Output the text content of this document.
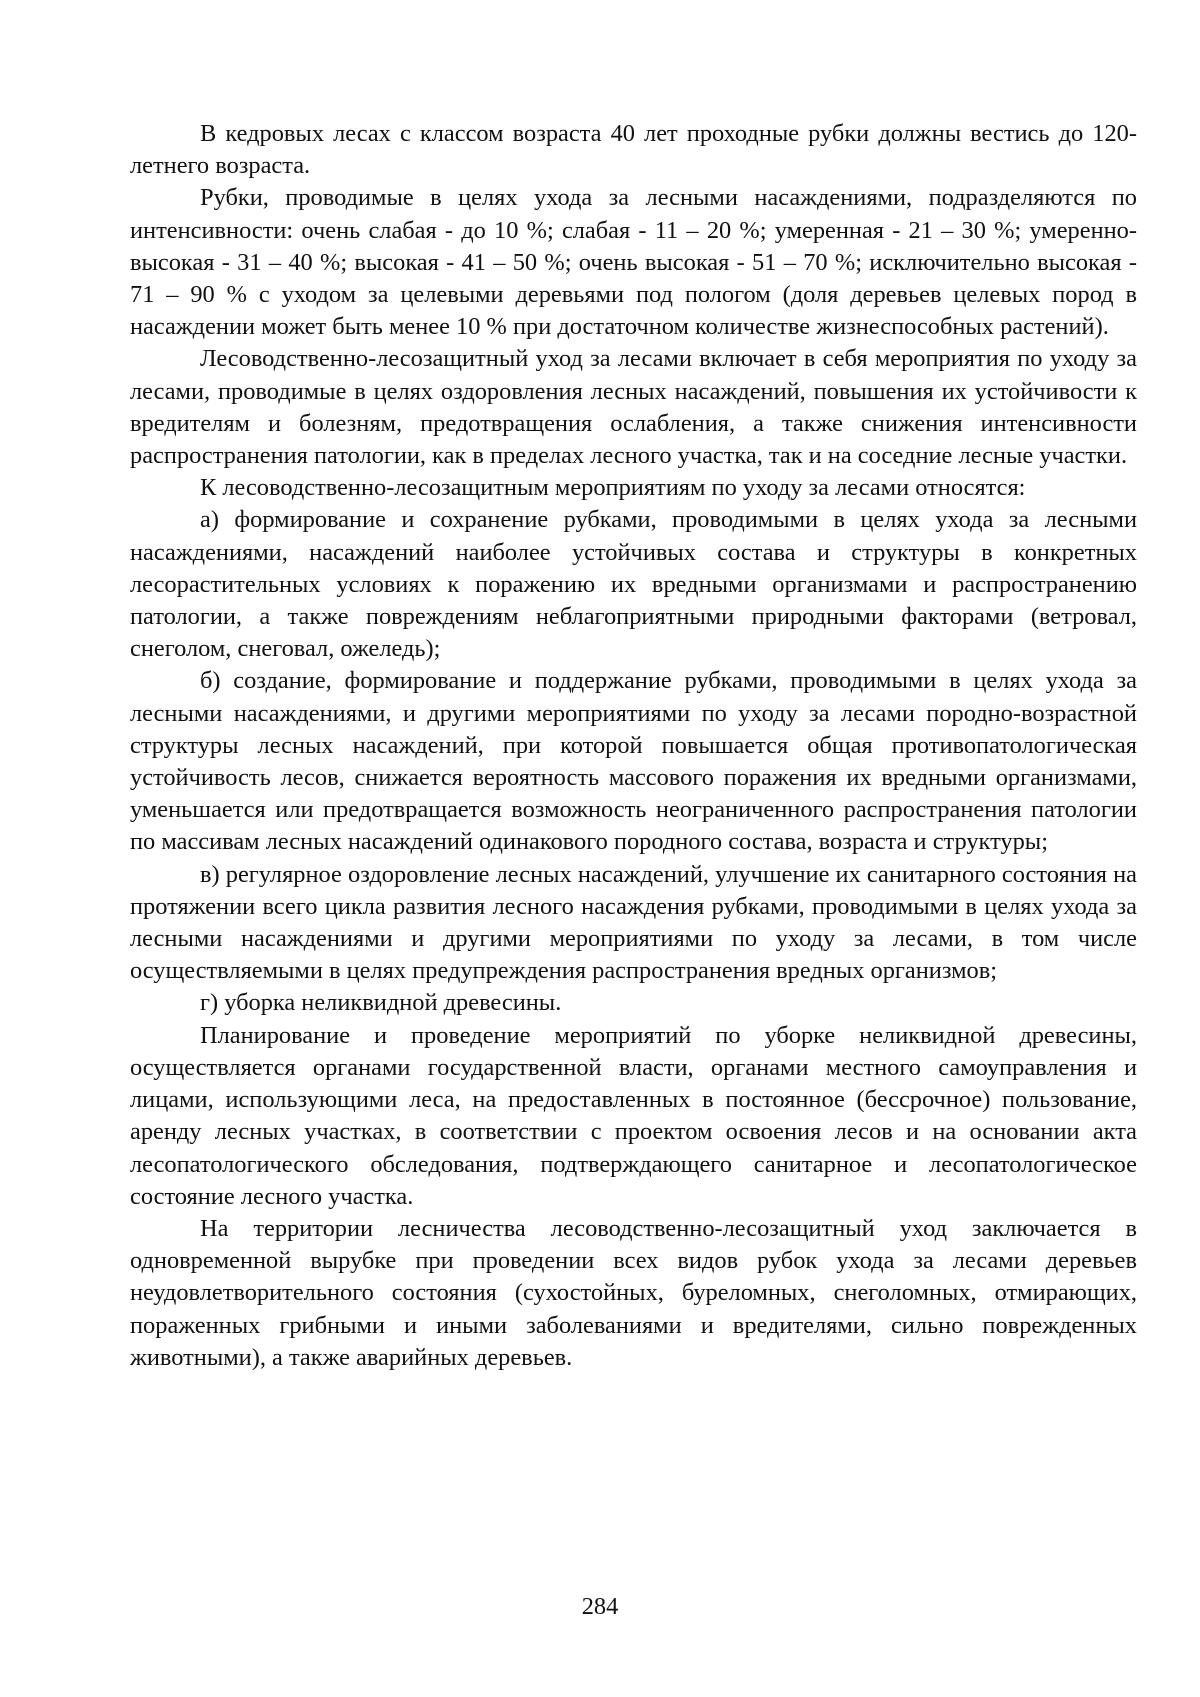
В кедровых лесах с классом возраста 40 лет проходные рубки должны вестись до 120-летнего возраста.

Рубки, проводимые в целях ухода за лесными насаждениями, подразделяются по интенсивности: очень слабая - до 10 %; слабая - 11 – 20 %; умеренная - 21 – 30 %; умеренно-высокая - 31 – 40 %; высокая - 41 – 50 %; очень высокая - 51 – 70 %; исключительно высокая - 71 – 90 % с уходом за целевыми деревьями под пологом (доля деревьев целевых пород в насаждении может быть менее 10 % при достаточном количестве жизнеспособных растений).

Лесоводственно-лесозащитный уход за лесами включает в себя мероприятия по уходу за лесами, проводимые в целях оздоровления лесных насаждений, повышения их устойчивости к вредителям и болезням, предотвращения ослабления, а также снижения интенсивности распространения патологии, как в пределах лесного участка, так и на соседние лесные участки.

К лесоводственно-лесозащитным мероприятиям по уходу за лесами относятся:

а) формирование и сохранение рубками, проводимыми в целях ухода за лесными насаждениями, насаждений наиболее устойчивых состава и структуры в конкретных лесорастительных условиях к поражению их вредными организмами и распространению патологии, а также повреждениям неблагоприятными природными факторами (ветровал, снеголом, снеговал, ожеледь);

б) создание, формирование и поддержание рубками, проводимыми в целях ухода за лесными насаждениями, и другими мероприятиями по уходу за лесами породно-возрастной структуры лесных насаждений, при которой повышается общая противопатологическая устойчивость лесов, снижается вероятность массового поражения их вредными организмами, уменьшается или предотвращается возможность неограниченного распространения патологии по массивам лесных насаждений одинакового породного состава, возраста и структуры;

в) регулярное оздоровление лесных насаждений, улучшение их санитарного состояния на протяжении всего цикла развития лесного насаждения рубками, проводимыми в целях ухода за лесными насаждениями и другими мероприятиями по уходу за лесами, в том числе осуществляемыми в целях предупреждения распространения вредных организмов;

г) уборка неликвидной древесины.

Планирование и проведение мероприятий по уборке неликвидной древесины, осуществляется органами государственной власти, органами местного самоуправления и лицами, использующими леса, на предоставленных в постоянное (бессрочное) пользование, аренду лесных участках, в соответствии с проектом освоения лесов и на основании акта лесопатологического обследования, подтверждающего санитарное и лесопатологическое состояние лесного участка.

На территории лесничества лесоводственно-лесозащитный уход заключается в одновременной вырубке при проведении всех видов рубок ухода за лесами деревьев неудовлетворительного состояния (сухостойных, буреломных, снеголомных, отмирающих, пораженных грибными и иными заболеваниями и вредителями, сильно поврежденных животными), а также аварийных деревьев.

284
